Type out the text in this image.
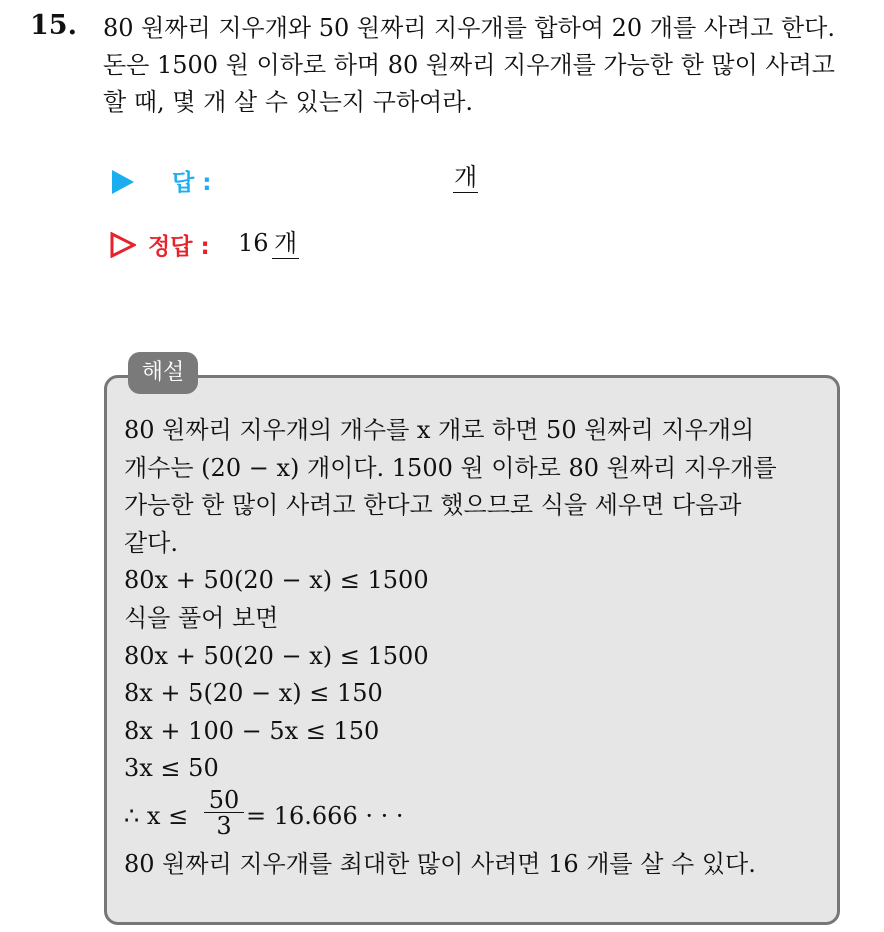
15. 80 원짜리 지우개와 50 원짜리 지우개를 합하여 20 개를 사려고 한다.
돈은 1500 원 이하로 하며 80 원짜리 지우개를 가능한 한 많이 사려고
할 때, 몇 개 살 수 있는지 구하여라.
답 :	개
정답 : 16 개
해설
80 원짜리 지우개의 개수를 x 개로 하면 50 원짜리 지우개의
개수는 (20 − x) 개이다. 1500 원 이하로 80 원짜리 지우개를
가능한 한 많이 사려고 한다고 했으므로 식을 세우면 다음과
같다.
80x + 50(20 − x) ≤ 1500
식을 풀어 보면
80x + 50(20 − x) ≤ 1500
8x + 5(20 − x) ≤ 150
8x + 100 − 5x ≤ 150
3x ≤ 50
∴ $x \le \frac{50}{3} = 16.666$ · · ·
80 원짜리 지우개를 최대한 많이 사려면 16 개를 살 수 있다.
